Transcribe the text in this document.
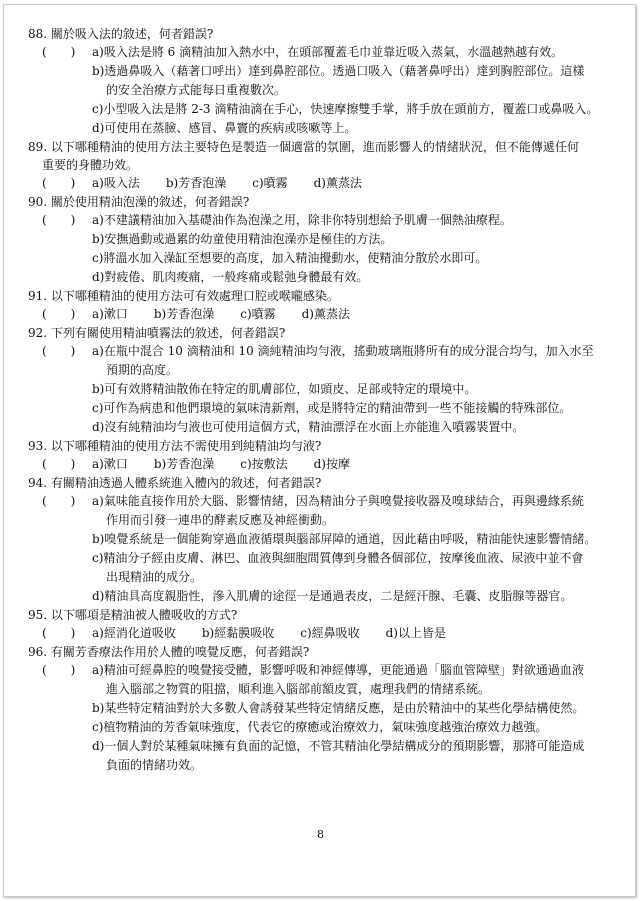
88. 關於吸入法的敘述，何者錯誤?
(　　) a)吸入法是將 6 滴精油加入熱水中，在頭部覆蓋毛巾並靠近吸入蒸氣，水溫越熱越有效。
b)透過鼻吸入（藉著口呼出）達到鼻腔部位。透過口吸入（藉著鼻呼出）達到胸腔部位。這樣
的安全治療方式能每日重複數次。
c)小型吸入法是將 2-3 滴精油滴在手心，快速摩擦雙手掌，將手放在頭前方，覆蓋口或鼻吸入。
d)可使用在蒸臉、感冒、鼻竇的疾病或咳嗽等上。
89. 以下哪種精油的使用方法主要特色是製造一個適當的氛圍，進而影響人的情緒狀況，但不能傳遞任何
重要的身體功效。
(　　) a)吸入法 b)芳香泡澡 c)噴霧 d)薰蒸法
90. 關於使用精油泡澡的敘述，何者錯誤?
(　　) a)不建議精油加入基礎油作為泡澡之用，除非你特別想給予肌膚一個熱油療程。
b)安撫過動或過累的幼童使用精油泡澡亦是極佳的方法。
c)將溫水加入澡缸至想要的高度，加入精油攪動水，使精油分散於水即可。
d)對疲倦、肌肉痠痛，一般疼痛或鬆弛身體最有效。
91. 以下哪種精油的使用方法可有效處理口腔或喉嚨感染。
(　　) a)漱口 b)芳香泡澡 c)噴霧 d)薰蒸法
92. 下列有關使用精油噴霧法的敘述，何者錯誤?
(　　) a)在瓶中混合 10 滴精油和 10 滴純精油均勻液，搖動玻璃瓶將所有的成分混合均勻，加入水至
預期的高度。
b)可有效將精油散佈在特定的肌膚部位，如頭皮、足部或特定的環境中。
c)可作為病患和他們環境的氣味清新劑，或是將特定的精油帶到一些不能接觸的特殊部位。
d)沒有純精油均勻液也可使用這個方式，精油漂浮在水面上亦能進入噴霧裝置中。
93. 以下哪種精油的使用方法不需使用到純精油均勻液?
(　　) a)漱口 b)芳香泡澡 c)按敷法 d)按摩
94. 有關精油透過人體系統進入體內的敘述，何者錯誤?
(　　) a)氣味能直接作用於大腦、影響情緒，因為精油分子與嗅覺接收器及嗅球結合，再與邊緣系統
作用而引發一連串的酵素反應及神經衝動。
b)嗅覺系統是一個能夠穿過血液循環與腦部屏障的通道，因此藉由呼吸，精油能快速影響情緒。
c)精油分子經由皮膚、淋巴、血液與細胞間質傳到身體各個部位，按摩後血液、尿液中並不會
出現精油的成分。
d)精油具高度親脂性，滲入肌膚的途徑一是通過表皮，二是經汗腺、毛囊、皮脂腺等器官。
95. 以下哪項是精油被人體吸收的方式?
(　　) a)經消化道吸收 b)經黏膜吸收 c)經鼻吸收 d)以上皆是
96. 有關芳香療法作用於人體的嗅覺反應，何者錯誤?
(　　) a)精油可經鼻腔的嗅覺接受體，影響呼吸和神經傳導，更能通過「腦血管障壁」對欲通過血液
進入腦部之物質的阻擋，順利進入腦部前額皮質，處理我們的情緒系統。
b)某些特定精油對於大多數人會誘發某些特定情緒反應，是由於精油中的某些化學結構使然。
c)植物精油的芳香氣味強度，代表它的療癒或治療效力，氣味強度越強治療效力越強。
d)一個人對於某種氣味擁有負面的記憶，不管其精油化學結構成分的預期影響，那將可能造成
負面的情緒功效。
8
